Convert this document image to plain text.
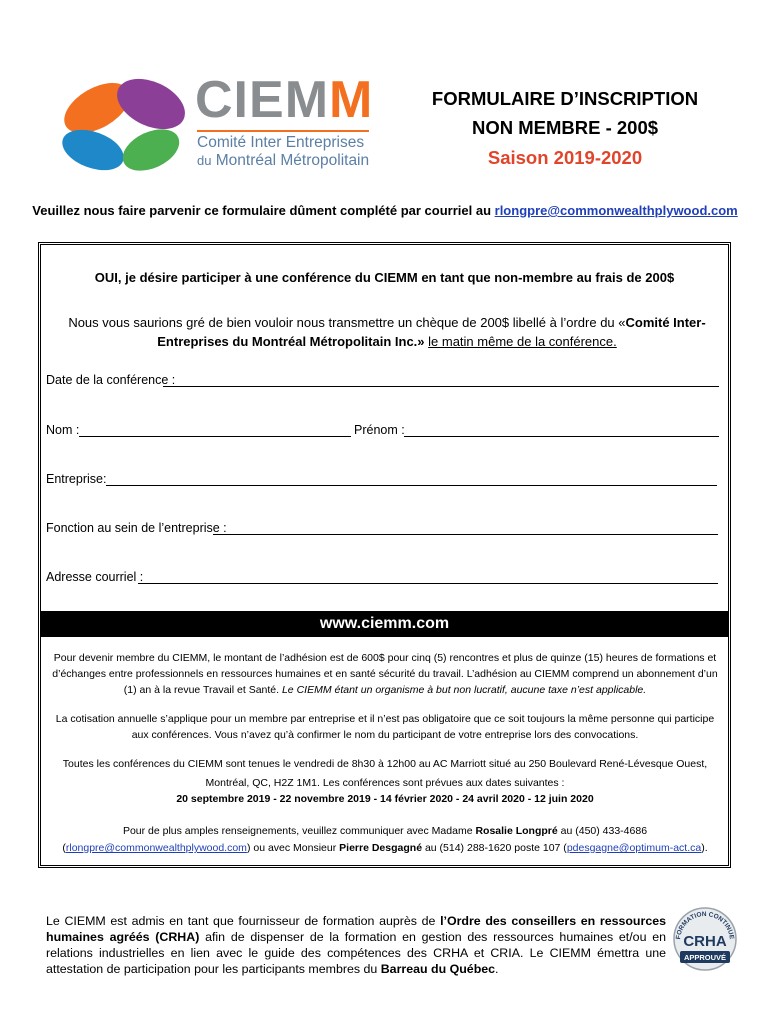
CIEMM
Comité Inter Entreprises
du Montréal Métropolitain
FORMULAIRE D’INSCRIPTION
NON MEMBRE - 200$
Saison 2019-2020
Veuillez nous faire parvenir ce formulaire dûment complété par courriel au rlongpre@commonwealthplywood.com
OUI, je désire participer à une conférence du CIEMM en tant que non-membre au frais de 200$
Nous vous saurions gré de bien vouloir nous transmettre un chèque de 200$ libellé à l’ordre du «Comité Inter-Entreprises du Montréal Métropolitain Inc.» le matin même de la conférence.
Date de la conférence :
Nom :	Prénom :
Entreprise:
Fonction au sein de l’entreprise :
Adresse courriel :
www.ciemm.com
Pour devenir membre du CIEMM, le montant de l’adhésion est de 600$ pour cinq (5) rencontres et plus de quinze (15) heures de formations et d’échanges entre professionnels en ressources humaines et en santé sécurité du travail. L’adhésion au CIEMM comprend un abonnement d’un (1) an à la revue Travail et Santé. Le CIEMM étant un organisme à but non lucratif, aucune taxe n’est applicable.
La cotisation annuelle s’applique pour un membre par entreprise et il n’est pas obligatoire que ce soit toujours la même personne qui participe aux conférences. Vous n’avez qu’à confirmer le nom du participant de votre entreprise lors des convocations.
Toutes les conférences du CIEMM sont tenues le vendredi de 8h30 à 12h00 au AC Marriott situé au 250 Boulevard René-Lévesque Ouest, Montréal, QC, H2Z 1M1. Les conférences sont prévues aux dates suivantes :
20 septembre 2019 - 22 novembre 2019 - 14 février 2020 - 24 avril 2020 - 12 juin 2020
Pour de plus amples renseignements, veuillez communiquer avec Madame Rosalie Longpré au (450) 433-4686 (rlongpre@commonwealthplywood.com) ou avec Monsieur Pierre Desgagné au (514) 288-1620 poste 107 (pdesgagne@optimum-act.ca).
Le CIEMM est admis en tant que fournisseur de formation auprès de l’Ordre des conseillers en ressources humaines agréés (CRHA) afin de dispenser de la formation en gestion des ressources humaines et/ou en relations industrielles en lien avec le guide des compétences des CRHA et CRIA. Le CIEMM émettra une attestation de participation pour les participants membres du Barreau du Québec.
FORMATION CONTINUE
CRHA
APPROUVÉ
